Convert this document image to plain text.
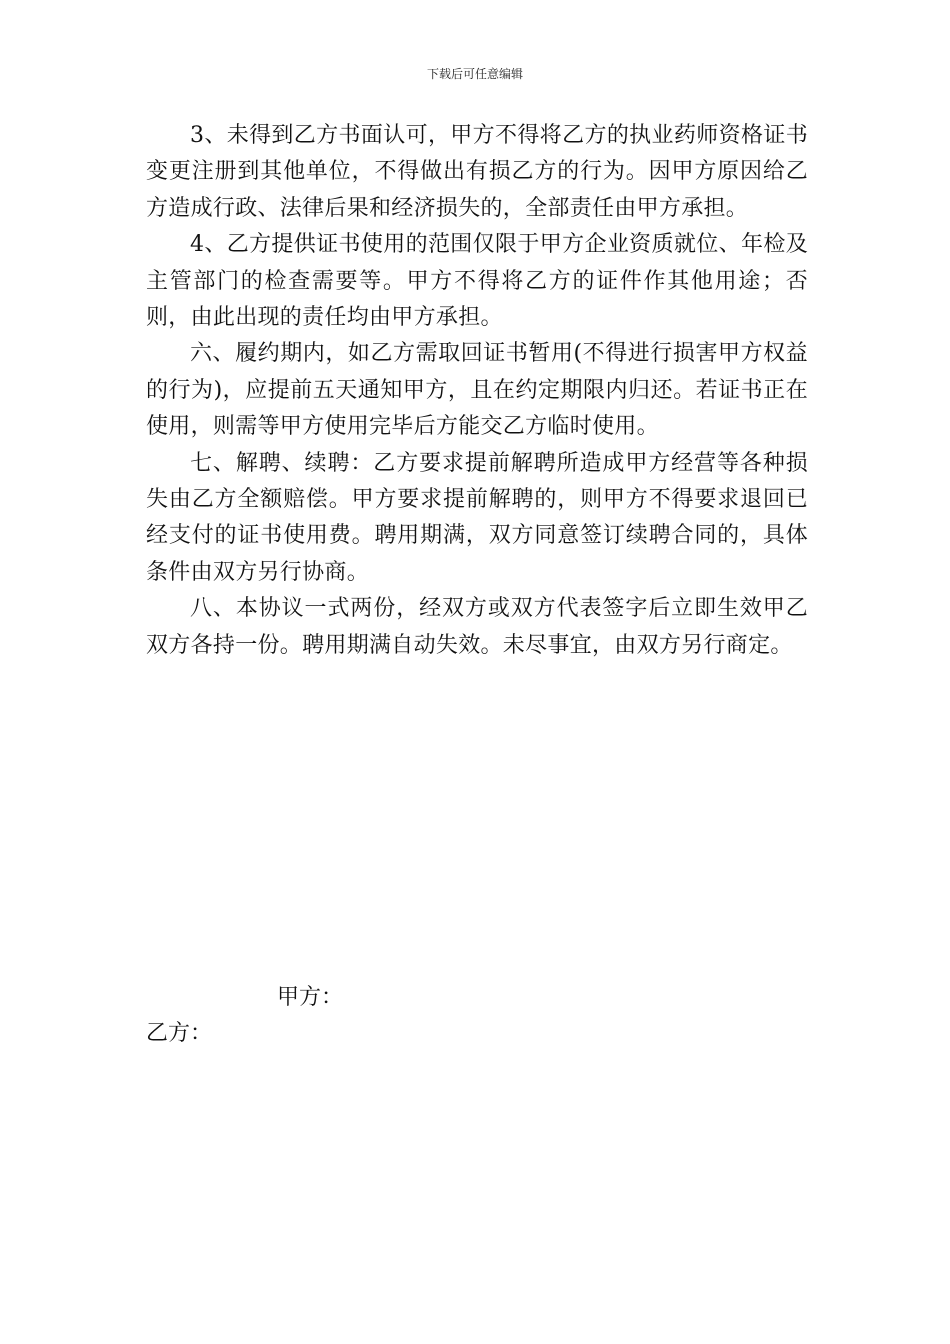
下载后可任意编辑

3、未得到乙方书面认可，甲方不得将乙方的执业药师资格证书变更注册到其他单位，不得做出有损乙方的行为。因甲方原因给乙方造成行政、法律后果和经济损失的，全部责任由甲方承担。

4、乙方提供证书使用的范围仅限于甲方企业资质就位、年检及主管部门的检查需要等。甲方不得将乙方的证件作其他用途；否则，由此出现的责任均由甲方承担。

六、履约期内，如乙方需取回证书暂用(不得进行损害甲方权益的行为)，应提前五天通知甲方，且在约定期限内归还。若证书正在使用，则需等甲方使用完毕后方能交乙方临时使用。

七、解聘、续聘：乙方要求提前解聘所造成甲方经营等各种损失由乙方全额赔偿。甲方要求提前解聘的，则甲方不得要求退回已经支付的证书使用费。聘用期满，双方同意签订续聘合同的，具体条件由双方另行协商。

八、本协议一式两份，经双方或双方代表签字后立即生效甲乙双方各持一份。聘用期满自动失效。未尽事宜，由双方另行商定。

甲方：
乙方：
